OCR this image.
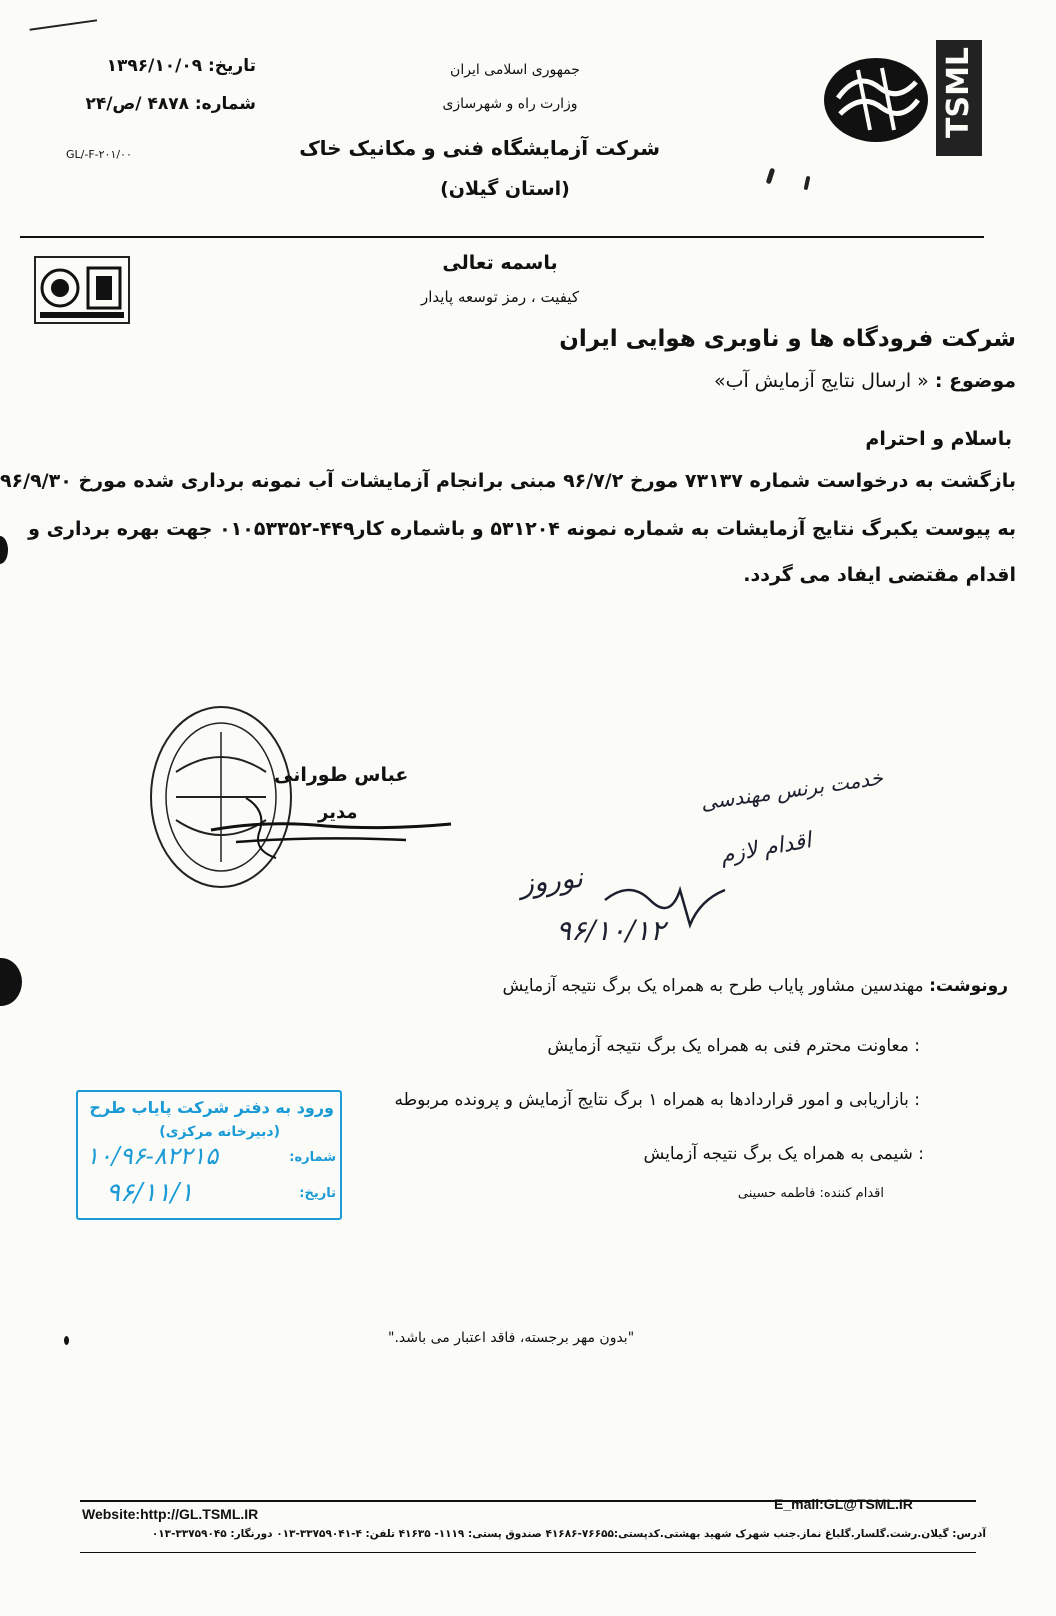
TSML
جمهوری اسلامی ایران
وزارت راه و شهرسازی
شرکت آزمایشگاه فنی و مکانیک خاک
(استان گیلان)
تاریخ: ۱۳۹۶/۱۰/۰۹
شماره: ۴۸۷۸ /ص/۲۴
GL/-F-۲۰۱/۰۰
باسمه تعالی
کیفیت ، رمز توسعه پایدار
شرکت فرودگاه ها و ناوبری هوایی ایران
موضوع : « ارسال نتایج آزمایش آب»
باسلام و احترام
بازگشت به درخواست شماره ۷۳۱۳۷ مورخ ۹۶/۷/۲ مبنی برانجام آزمایشات آب نمونه برداری شده مورخ ۹۶/۹/۳۰
به پیوست یکبرگ نتایج آزمایشات به شماره نمونه ۵۳۱۲۰۴ و باشماره کار۴۴۹-۰۱۰۵۳۳۵۲ جهت بهره برداری و
اقدام مقتضی ایفاد می گردد.
عباس طورانی
مدیر	خدمت برنس مهندسی
اقدام لازم
نوروز
۹۶/۱۰/۱۲
رونوشت: مهندسین مشاور پایاب طرح به همراه یک برگ نتیجه آزمایش
: معاونت محترم فنی به همراه یک برگ نتیجه آزمایش
: بازاریابی و امور قراردادها به همراه ۱ برگ نتایج آزمایش و پرونده مربوطه
: شیمی به همراه یک برگ نتیجه آزمایش
اقدام کننده: فاطمه حسینی
ورود به دفتر شرکت پایاب طرح
(دبیرخانه مرکزی)
شماره:
۱۰/۹۶-۸۲۲۱۵
تاریخ:
۹۶/۱۱/۱
"بدون مهر برجسته، فاقد اعتبار می باشد."
Website:http://GL.TSML.IR
E_mail:GL@TSML.IR
آدرس: گیلان.رشت.گلسار.گلباغ نماز.جنب شهرک شهید بهشتی.کدپستی:۷۶۶۵۵-۴۱۶۸۶ صندوق پستی: ۱۱۱۹- ۴۱۶۳۵ تلفن: ۴-۳۳۷۵۹۰۴۱-۰۱۳ دورنگار: ۳۳۷۵۹۰۴۵-۰۱۳
